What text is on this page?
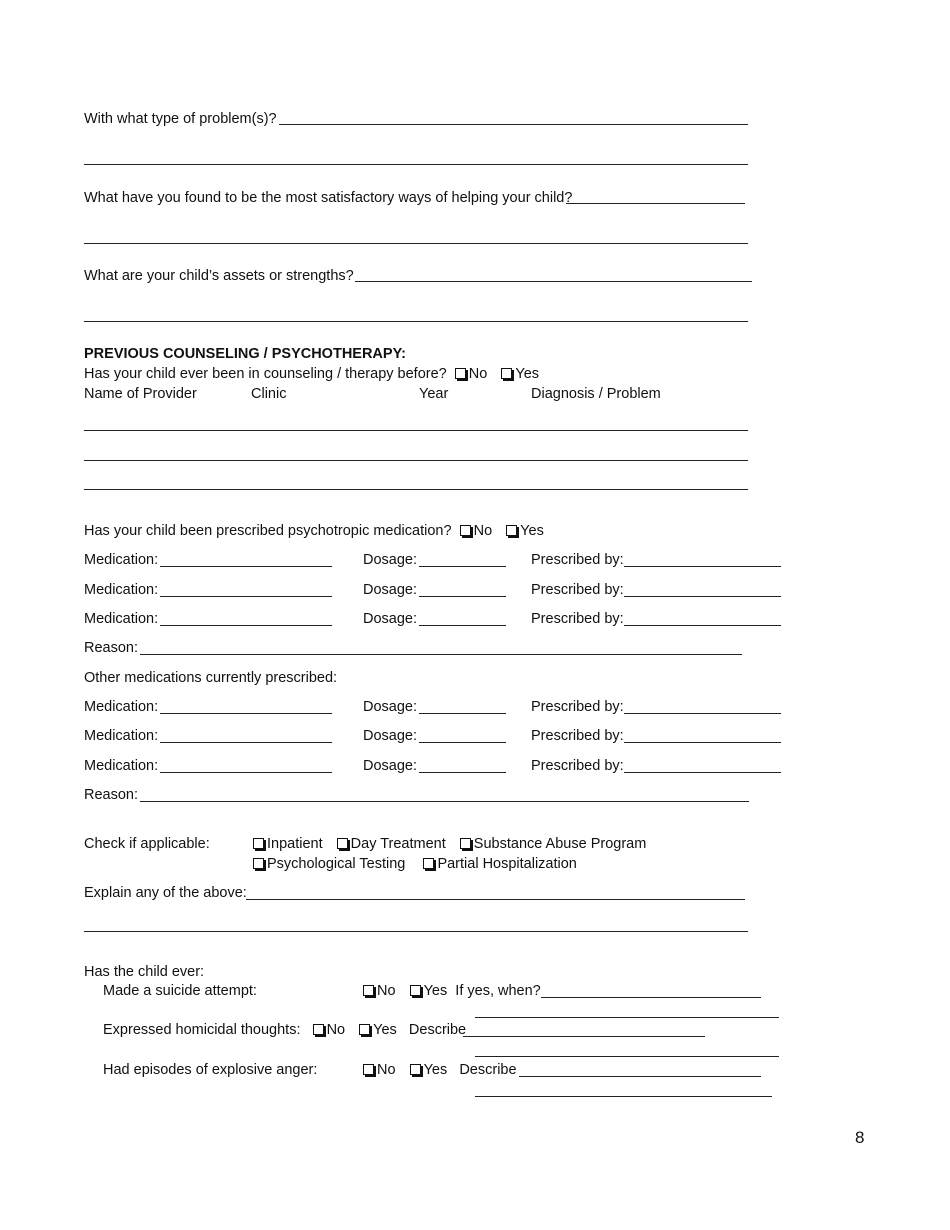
With what type of problem(s)?
What have you found to be the most satisfactory ways of helping your child?
What are your child’s assets or strengths?
PREVIOUS COUNSELING / PSYCHOTHERAPY:
Has your child ever been in counseling / therapy before? No Yes
Name of Provider	Clinic	Year	Diagnosis / Problem
Has your child been prescribed psychotropic medication? No Yes
Medication:	Dosage:	Prescribed by:
Medication:	Dosage:	Prescribed by:
Medication:	Dosage:	Prescribed by:
Reason:
Other medications currently prescribed:
Medication:	Dosage:	Prescribed by:
Medication:	Dosage:	Prescribed by:
Medication:	Dosage:	Prescribed by:
Reason:
Check if applicable:	Inpatient Day Treatment Substance Abuse Program
Psychological Testing Partial Hospitalization
Explain any of the above:
Has the child ever:
Made a suicide attempt:	No Yes If yes, when?
Expressed homicidal thoughts: No Yes Describe
Had episodes of explosive anger:	No Yes Describe
8
